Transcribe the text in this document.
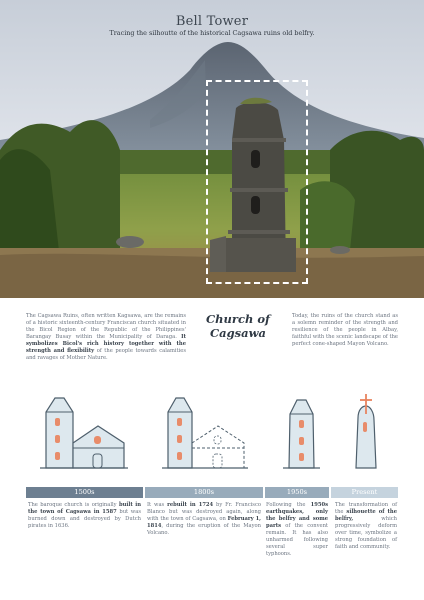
Bell Tower
Tracing the silhoutte of the historical Cagsawa ruins old belfry.
The Cagsawa Ruins, often written Kagsawa, are the remains of a historic sixteenth-century Franciscan church situated in the Bicol Region of the Republic of the Philippines' Barangay Busay within the Municipality of Daraga. It symbolizes Bicol's rich history together with the strength and flexibility of the people towards calamities and ravages of Mother Nature.
Church of Cagsawa
Today, the ruins of the church stand as a solemn reminder of the strength and resilience of the people in Albay, faithful with the scenic landscape of the perfect cone-shaped Mayon Volcano.
1500s	1800s	1950s	Present
The baroque church is originally built in the town of Cagsawa in 1587 but was burned down and destroyed by Dutch pirates in 1636.
It was rebuilt in 1724 by Fr. Francisco Blanco but was destroyed again, along with the town of Cagsawa, on February 1, 1814, during the eruption of the Mayon Volcano.
Following the 1950s earthquakes, only the belfry and some parts of the convent remain. It has also unharmed following several super typhoons.
The transformation of the silhouette of the belfry, which progressively deform over time, symbolize a strong foundation of faith and community.
